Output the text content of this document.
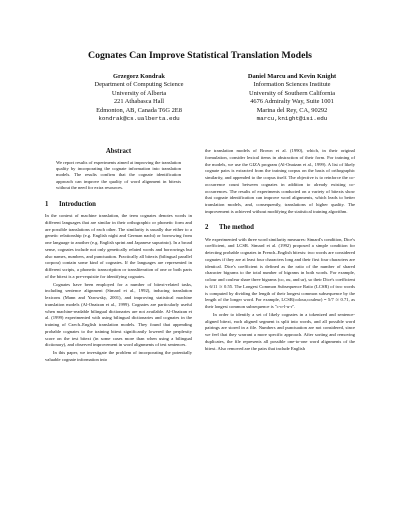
Cognates Can Improve Statistical Translation Models
Grzegorz Kondrak
Department of Computing Science
University of Alberta
221 Athabasca Hall
Edmonton, AB, Canada T6G 2E8
kondrak@cs.ualberta.edu
Daniel Marcu and Kevin Knight
Information Sciences Institute
University of Southern California
4676 Admiralty Way, Suite 1001
Marina del Rey, CA, 90292
marcu,knight@isi.edu
Abstract

We report results of experiments aimed at improving the translation quality by incorporating the cognate information into translation models. The results confirm that the cognate identification approach can improve the quality of word alignment in bitexts without the need for extra resources.

1 Introduction

In the context of machine translation, the term cognates denotes words in different languages that are similar in their orthographic or phonetic form and are possible translations of each other. The similarity is usually due either to a genetic relationship (e.g. English night and German nacht) or borrowing from one language to another (e.g. English sprint and Japanese supurinto). In a broad sense, cognates include not only genetically related words and borrowings but also names, numbers, and punctuation. Practically all bitexts (bilingual parallel corpora) contain some kind of cognates. If the languages are represented in different scripts, a phonetic transcription or transliteration of one or both parts of the bitext is a pre-requisite for identifying cognates.

Cognates have been employed for a number of bitext-related tasks, including sentence alignment (Simard et al., 1992), inducing translation lexicons (Mann and Yarowsky, 2001), and improving statistical machine translation models (Al-Onaizan et al., 1999). Cognates are particularly useful when machine-readable bilingual dictionaries are not available. Al-Onaizan et al. (1999) experimented with using bilingual dictionaries and cognates in the training of Czech–English translation models. They found that appending probable cognates to the training bitext significantly lowered the perplexity score on the test bitext (in some cases more than when using a bilingual dictionary), and observed improvement in word alignments of test sentences.

In this paper, we investigate the problem of incorporating the potentially valuable cognate information into

the translation models of Brown et al. (1990), which, in their original formulation, consider lexical items in abstraction of their form. For training of the models, we use the GIZA program (Al-Onaizan et al., 1999). A list of likely cognate pairs is extracted from the training corpus on the basis of orthographic similarity, and appended to the corpus itself. The objective is to reinforce the co-occurrence count between cognates in addition to already existing co-occurrences. The results of experiments conducted on a variety of bitexts show that cognate identification can improve word alignments, which leads to better translation models, and, consequently, translations of higher quality. The improvement is achieved without modifying the statistical training algorithm.

2 The method

We experimented with three word similarity measures: Simard's condition, Dice's coefficient, and LCSR. Simard et al. (1992) proposed a simple condition for detecting probable cognates in French–English bitexts: two words are considered cognates if they are at least four characters long and their first four characters are identical. Dice's coefficient is defined as the ratio of the number of shared character bigrams to the total number of bigrams in both words. For example, colour and couleur share three bigrams (co, ou, and ur), so their Dice's coefficient is 6/11 ≃ 0.55. The Longest Common Subsequence Ratio (LCSR) of two words is computed by dividing the length of their longest common subsequence by the length of the longer word. For example, LCSR(colour,couleur) = 5/7 ≃ 0.71, as their longest common subsequence is "c-o-l-u-r".

In order to identify a set of likely cognates in a tokenized and sentence-aligned bitext, each aligned segment is split into words, and all possible word pairings are stored in a file. Numbers and punctuation are not considered, since we feel that they warrant a more specific approach. After sorting and removing duplicates, the file represents all possible one-to-one word alignments of the bitext. Also removed are the pairs that include English
